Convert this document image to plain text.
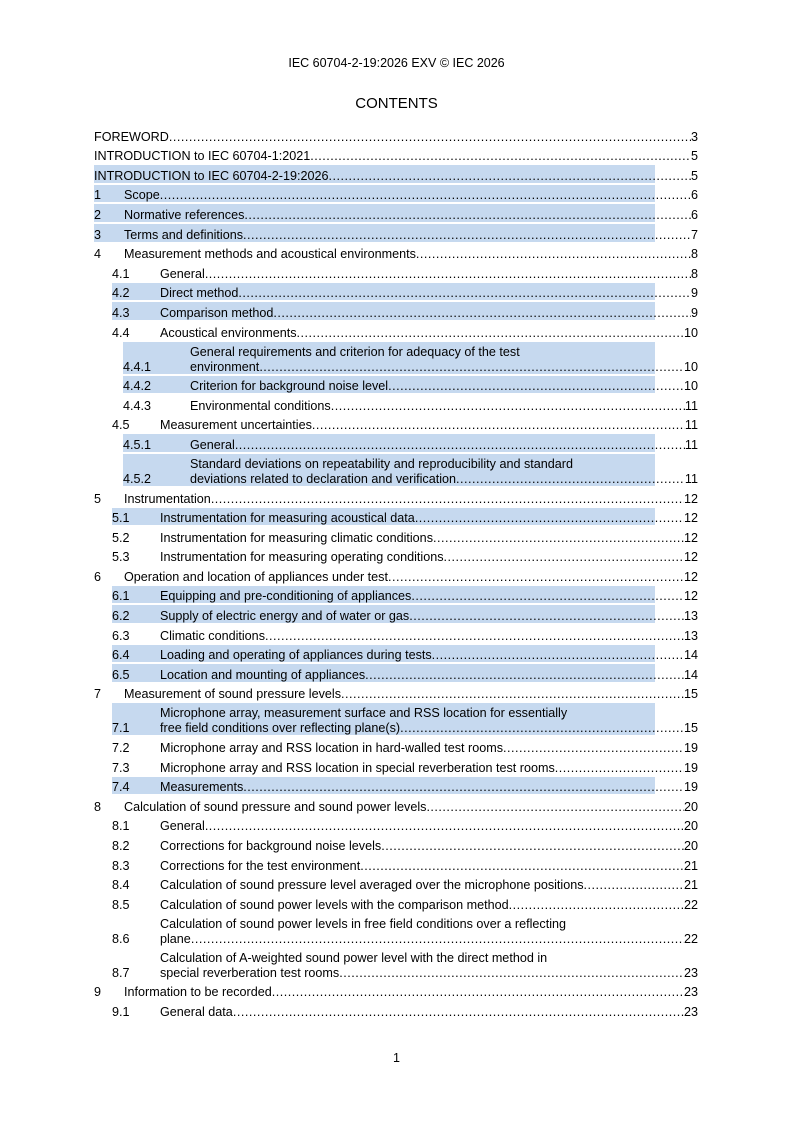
IEC 60704-2-19:2026 EXV © IEC 2026
CONTENTS
FOREWORD .....	3
INTRODUCTION to IEC 60704-1:2021 .....	5
INTRODUCTION to IEC 60704-2-19:2026 .....	5
1	Scope .....	6
2	Normative references .....	6
3	Terms and definitions .....	7
4	Measurement methods and acoustical environments .....	8
4.1	General .....	8
4.2	Direct method .....	9
4.3	Comparison method .....	9
4.4	Acoustical environments .....	10
4.4.1
General requirements and criterion for adequacy of the test
environment .....	10
4.4.2	Criterion for background noise level .....	10
4.4.3	Environmental conditions .....	11
4.5	Measurement uncertainties .....	11
4.5.1	General .....	11
4.5.2
Standard deviations on repeatability and reproducibility and standard
deviations related to declaration and verification .....	11
5	Instrumentation .....	12
5.1	Instrumentation for measuring acoustical data .....	12
5.2	Instrumentation for measuring climatic conditions .....	12
5.3	Instrumentation for measuring operating conditions .....	12
6	Operation and location of appliances under test .....	12
6.1	Equipping and pre-conditioning of appliances .....	12
6.2	Supply of electric energy and of water or gas .....	13
6.3	Climatic conditions .....	13
6.4	Loading and operating of appliances during tests .....	14
6.5	Location and mounting of appliances .....	14
7	Measurement of sound pressure levels .....	15
7.1
Microphone array, measurement surface and RSS location for essentially
free field conditions over reflecting plane(s) .....	15
7.2	Microphone array and RSS location in hard-walled test rooms .....	19
7.3	Microphone array and RSS location in special reverberation test rooms .....	19
7.4	Measurements .....	19
8	Calculation of sound pressure and sound power levels .....	20
8.1	General .....	20
8.2	Corrections for background noise levels .....	20
8.3	Corrections for the test environment .....	21
8.4	Calculation of sound pressure level averaged over the microphone positions .....	21
8.5	Calculation of sound power levels with the comparison method .....	22
8.6
Calculation of sound power levels in free field conditions over a reflecting
plane .....	22
8.7
Calculation of A-weighted sound power level with the direct method in
special reverberation test rooms .....	23
9	Information to be recorded .....	23
9.1	General data .....	23
1
